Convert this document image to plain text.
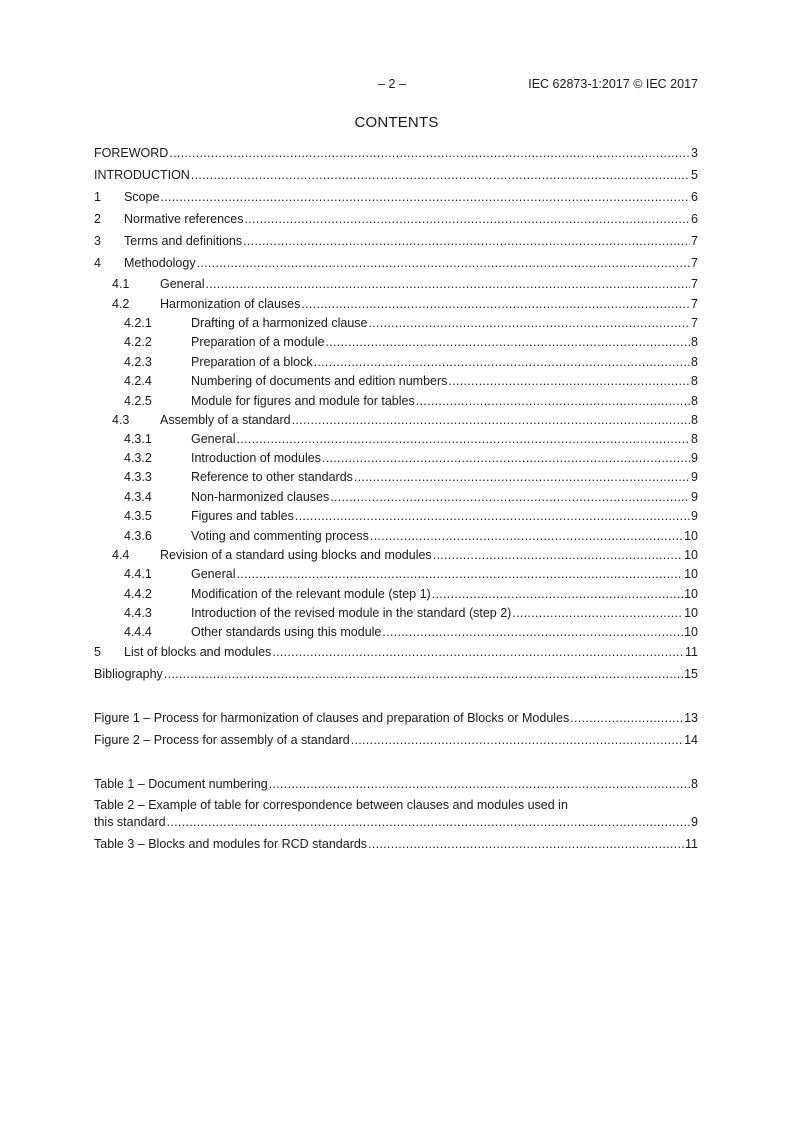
– 2 –	IEC 62873-1:2017 © IEC 2017
CONTENTS
FOREWORD .....	3
INTRODUCTION .....	5
1	Scope .....	6
2	Normative references .....	6
3	Terms and definitions .....	7
4	Methodology .....	7
4.1	General .....	7
4.2	Harmonization of clauses .....	7
4.2.1	Drafting of a harmonized clause .....	7
4.2.2	Preparation of a module .....	8
4.2.3	Preparation of a block .....	8
4.2.4	Numbering of documents and edition numbers .....	8
4.2.5	Module for figures and module for tables .....	8
4.3	Assembly of a standard .....	8
4.3.1	General .....	8
4.3.2	Introduction of modules .....	9
4.3.3	Reference to other standards .....	9
4.3.4	Non-harmonized clauses .....	9
4.3.5	Figures and tables .....	9
4.3.6	Voting and commenting process .....	10
4.4	Revision of a standard using blocks and modules .....	10
4.4.1	General .....	10
4.4.2	Modification of the relevant module (step 1) .....	10
4.4.3	Introduction of the revised module in the standard (step 2) .....	10
4.4.4	Other standards using this module .....	10
5	List of blocks and modules .....	11
Bibliography .....	15
Figure 1 – Process for harmonization of clauses and preparation of Blocks or Modules .....	13
Figure 2 – Process for assembly of a standard .....	14
Table 1 – Document numbering .....	8
Table 2 – Example of table for correspondence between clauses and modules used in
this standard .....	9
Table 3 – Blocks and modules for RCD standards .....	11
